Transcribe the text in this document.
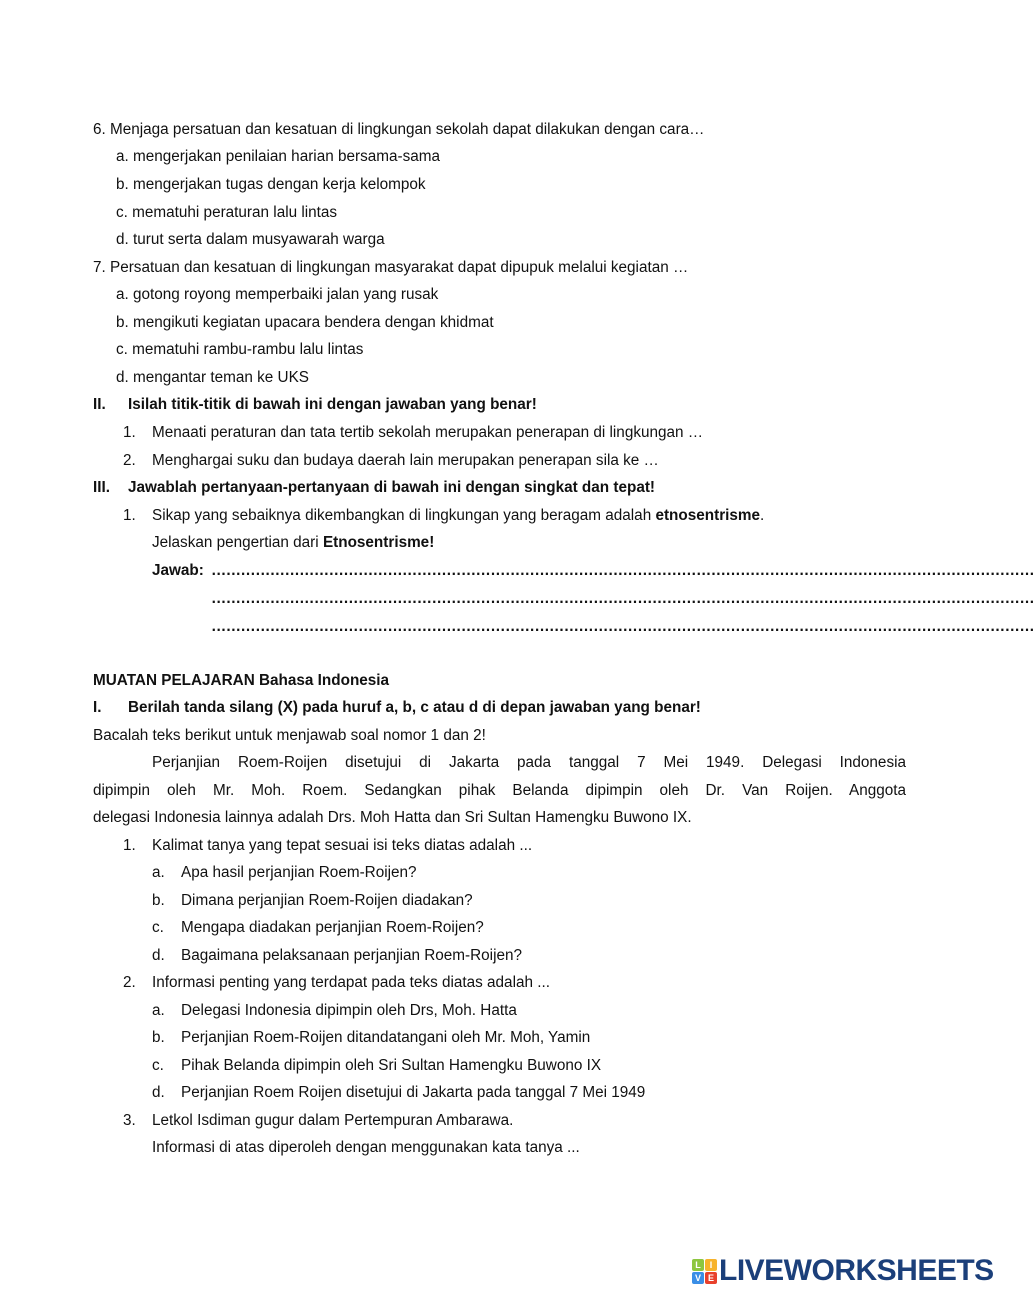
6. Menjaga persatuan dan kesatuan di lingkungan sekolah dapat dilakukan dengan cara…
a. mengerjakan penilaian harian bersama-sama
b. mengerjakan tugas dengan kerja kelompok
c. mematuhi peraturan lalu lintas
d. turut serta dalam musyawarah warga
7. Persatuan dan kesatuan di lingkungan masyarakat dapat dipupuk melalui kegiatan …
a. gotong royong memperbaiki jalan yang rusak
b. mengikuti kegiatan upacara bendera dengan khidmat
c. mematuhi rambu-rambu lalu lintas
d. mengantar teman ke UKS
II. Isilah titik-titik di bawah ini dengan jawaban yang benar!
1. Menaati peraturan dan tata tertib sekolah merupakan penerapan di lingkungan …
2. Menghargai suku dan budaya daerah lain merupakan penerapan sila ke …
III. Jawablah pertanyaan-pertanyaan di bawah ini dengan singkat dan tepat!
1. Sikap yang sebaiknya dikembangkan di lingkungan yang beragam adalah etnosentrisme.
Jelaskan pengertian dari Etnosentrisme!
Jawab: ……………………………………………………………………………………………………………………………………………………
……………………………………………………………………………………………………………………………………………………
……………………………………………………………………………………………………………………………………………………
MUATAN PELAJARAN Bahasa Indonesia
I. Berilah tanda silang (X) pada huruf a, b, c atau d di depan jawaban yang benar!
Bacalah teks berikut untuk menjawab soal nomor 1 dan 2!
Perjanjian Roem-Roijen disetujui di Jakarta pada tanggal 7 Mei 1949. Delegasi Indonesia
dipimpin oleh Mr. Moh. Roem. Sedangkan pihak Belanda dipimpin oleh Dr. Van Roijen. Anggota
delegasi Indonesia lainnya adalah Drs. Moh Hatta dan Sri Sultan Hamengku Buwono IX.
1. Kalimat tanya yang tepat sesuai isi teks diatas adalah ...
a. Apa hasil perjanjian Roem-Roijen?
b. Dimana perjanjian Roem-Roijen diadakan?
c. Mengapa diadakan perjanjian Roem-Roijen?
d. Bagaimana pelaksanaan perjanjian Roem-Roijen?
2. Informasi penting yang terdapat pada teks diatas adalah ...
a. Delegasi Indonesia dipimpin oleh Drs, Moh. Hatta
b. Perjanjian Roem-Roijen ditandatangani oleh Mr. Moh, Yamin
c. Pihak Belanda dipimpin oleh Sri Sultan Hamengku Buwono IX
d. Perjanjian Roem Roijen disetujui di Jakarta pada tanggal 7 Mei 1949
3. Letkol Isdiman gugur dalam Pertempuran Ambarawa.
Informasi di atas diperoleh dengan menggunakan kata tanya ...
L I
V E LIVEWORKSHEETS
